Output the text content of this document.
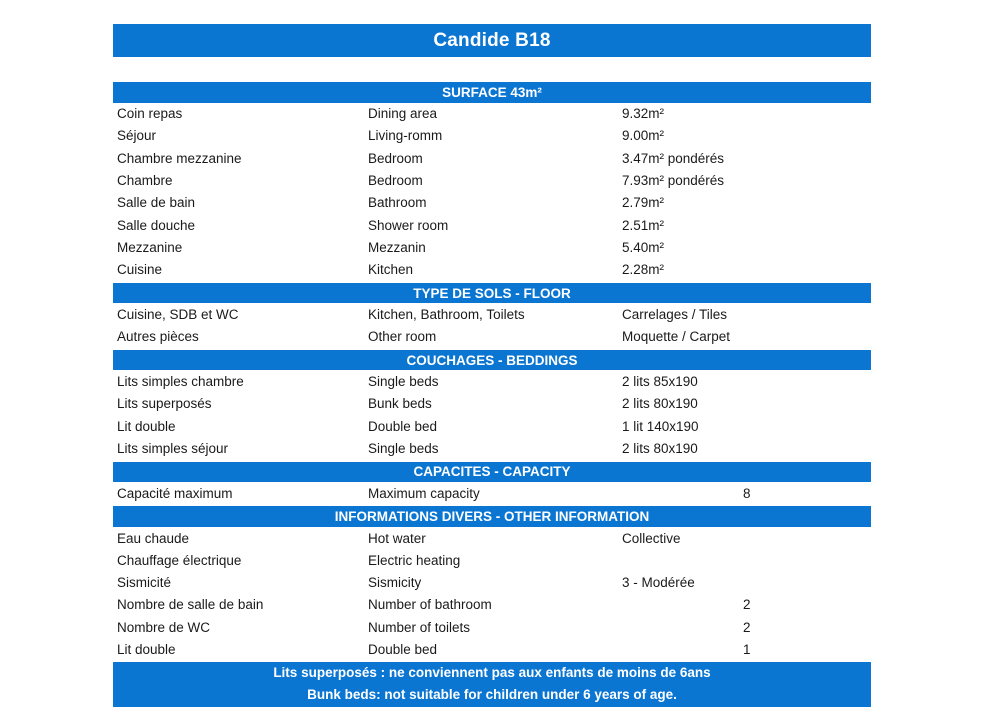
Candide B18
SURFACE 43m²
Coin repas	Dining area	9.32m²
Séjour	Living-romm	9.00m²
Chambre mezzanine	Bedroom	3.47m² pondérés
Chambre	Bedroom	7.93m² pondérés
Salle de bain	Bathroom	2.79m²
Salle douche	Shower room	2.51m²
Mezzanine	Mezzanin	5.40m²
Cuisine	Kitchen	2.28m²
TYPE DE SOLS - FLOOR
Cuisine, SDB et WC	Kitchen, Bathroom, Toilets	Carrelages / Tiles
Autres pièces	Other room	Moquette / Carpet
COUCHAGES - BEDDINGS
Lits simples chambre	Single beds	2 lits 85x190
Lits superposés	Bunk beds	2 lits 80x190
Lit double	Double bed	1 lit 140x190
Lits simples séjour	Single beds	2 lits 80x190
CAPACITES - CAPACITY
Capacité maximum	Maximum capacity	8
INFORMATIONS DIVERS - OTHER INFORMATION
Eau chaude	Hot water	Collective
Chauffage électrique	Electric heating
Sismicité	Sismicity	3 - Modérée
Nombre de salle de bain	Number of bathroom	2
Nombre de WC	Number of toilets	2
Lit double	Double bed	1
Lits superposés : ne conviennent pas aux enfants de moins de 6ans
Bunk beds: not suitable for children under 6 years of age.
